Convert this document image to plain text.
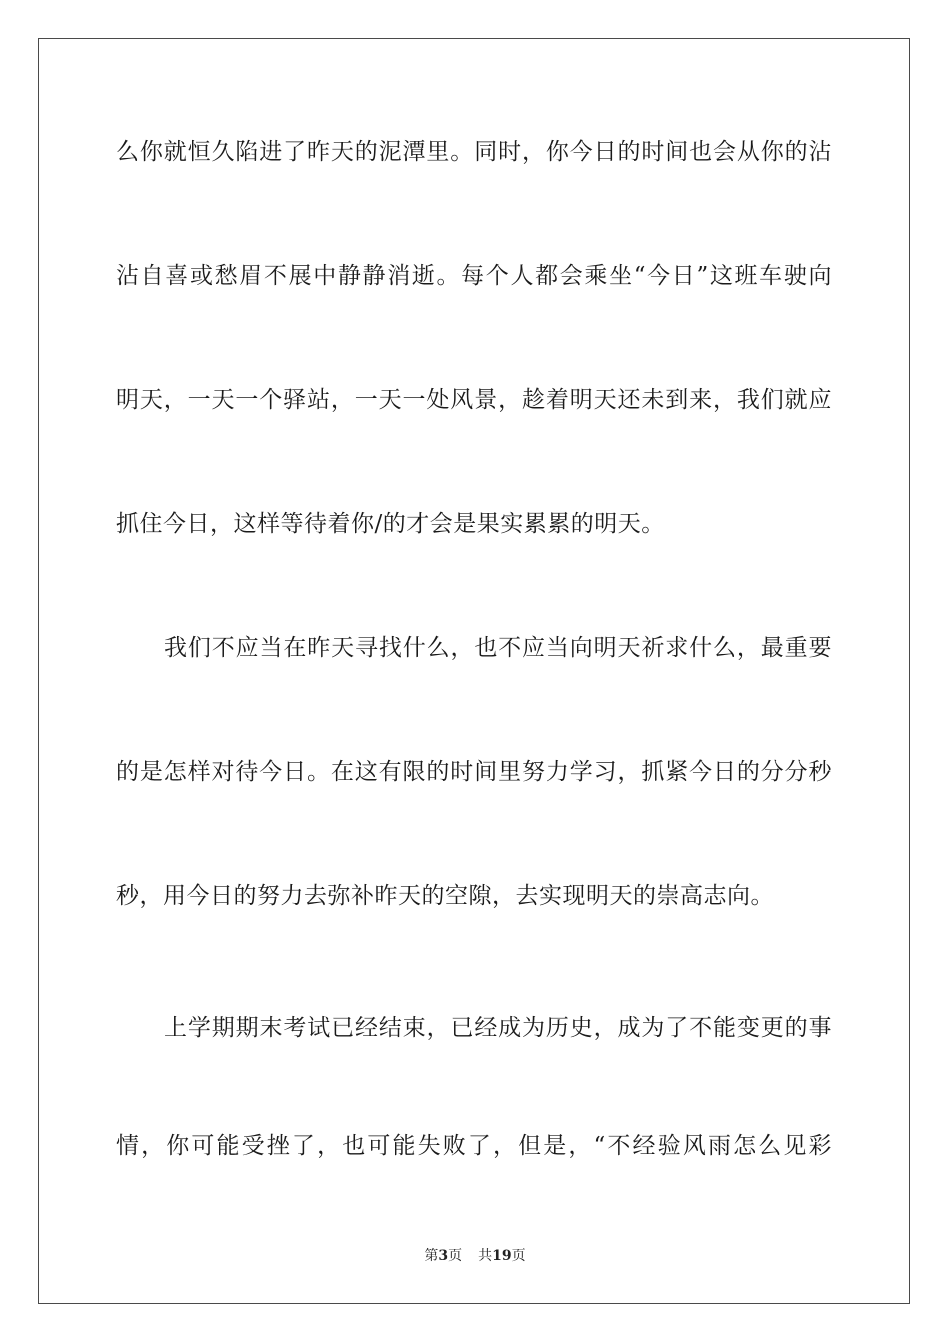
么你就恒久陷进了昨天的泥潭里。同时，你今日的时间也会从你的沾
沾自喜或愁眉不展中静静消逝。每个人都会乘坐“今日”这班车驶向
明天，一天一个驿站，一天一处风景，趁着明天还未到来，我们就应
抓住今日，这样等待着你/的才会是果实累累的明天。
我们不应当在昨天寻找什么，也不应当向明天祈求什么，最重要
的是怎样对待今日。在这有限的时间里努力学习，抓紧今日的分分秒
秒，用今日的努力去弥补昨天的空隙，去实现明天的崇高志向。
上学期期末考试已经结束，已经成为历史，成为了不能变更的事
情，你可能受挫了，也可能失败了，但是，“不经验风雨怎么见彩
第3页 共19页
